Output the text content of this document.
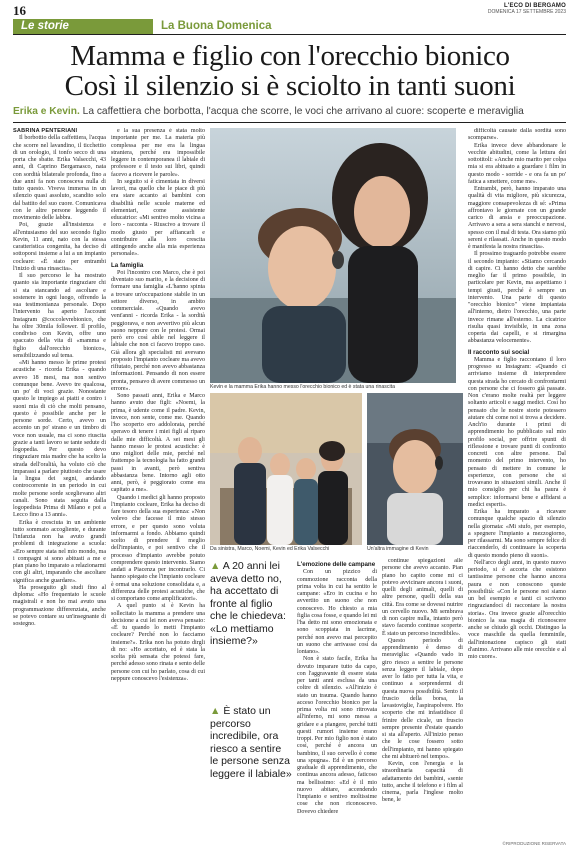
16	L'ECO DI BERGAMO
DOMENICA 17 SETTEMBRE 2023
Le storie	La Buona Domenica
Mamma e figlio con l'orecchio bionico
Così il silenzio si è sciolto in tanti suoni
Erika e Kevin. La caffettiera che borbotta, l'acqua che scorre, le voci che arrivano al cuore: scoperte e meraviglia

SABRINA PENTERIANI

Il borbottio della caffettiera, l'acqua che scorre nel lavandino, il ticchettio di un orologio, il tonfo secco di una porta che sbatte. Erika Valsecchi, 43 anni, di Caprino Bergamasco, nata con sordità bilaterale profonda, fino a due anni fa non conosceva nulla di tutto questo. Viveva immersa in un silenzio quasi assoluto, scandito solo dal battito del suo cuore. Comunicava con le altre persone leggendo il movimento delle labbra.

Poi, grazie all'insistenza e all'entusiasmo del suo secondo figlio Kevin, 11 anni, nato con la stessa caratteristica congenita, ha deciso di sottoporsi insieme a lui a un impianto cocleare: «È stato per entrambi l'inizio di una rinascita».

Il suo percorso le ha mostrato quanto sia importante ringraziare chi si sta stancando ad ascoltare e sostenere in ogni luogo, offrendo la sua testimonianza personale. Dopo l'intervento ha aperto l'account Instagram @coccolevrebionico, che ha oltre 30mila follower. Il profilo, condiviso con Kevin, offre uno spaccato della vita di «mamma e figlio dall'orecchio bionico», sensibilizzando sul tema.

«Mi hanno messo le prime protesi acustiche - ricorda Erika - quando avevo 18 mesi, ma non sentivo comunque bene. Avevo tre qualcosa, un po' di voci grazie. Nonostante questo le impiego ai piatti e contro i suoni mia di ciò che molti pensano, questo è possibile anche per le persone sorde. Certo, avevo un accento un po' strano e un timbro di voce non usuale, ma ci sono riuscita grazie a tanti lavoro se tante sedute di logopedia. Per questo devo ringraziare mia madre che ha scelto la strada dell'oralità, ha voluto ciò che imparassi a parlare piuttosto che usare la lingua dei segni, andando controcorrente in un periodo in cui molte persone sorde sceglievano altri canali. Sono stata seguita dalla logopedista Prima di Milano e poi a Lecco fino a 13 anni».

Erika è cresciuta in un ambiente tutto sommato accogliente, e durante l'infanzia non ha avuto grandi problemi di integrazione a scuola: «Ero sempre stata nel mio mondo, ma i compagni si sono abituati a me e pian piano ho imparato a relazionarmi con gli altri, imparando che ascoltare significa anche guardare».

Ha proseguito gli studi fino al diploma: «Ho frequentato le scuole magistrali e non ho mai avuto una programmazione differenziata, anche se potevo contare su un'insegnante di sostegno.

e la sua presenza è stata molto importante per me. La materia più complessa per me era la lingua straniera, perché era impossibile leggere in contemporanea il labiale di professore e il testo sui libri, quindi facevo a ricevere le parole».

In seguito si è cimentata in diversi lavori, ma quello che le piace di più era stare accanto ai bambini con disabilità nelle scuole materne ed elementari, come assistente educatrice: «Mi sentivo molto vicina a loro - racconta - Riuscivo a trovare il modo giusto per affiancarli e contribuire alla loro crescita attingendo anche alla mia esperienza personale».

La famiglia

Poi l'incontro con Marco, che è poi diventato suo marito, e la decisione di formare una famiglia «L'hanno spinta a trovare un'occupazione stabile in un settore diverso, in ambito commerciale. «Quando avevo vent'anni - ricorda Erika - la sordità peggiorava, e non avvertivo più alcun suono neppure con le protesi. Ormai però ero così abile nel leggere il labiale che non ci facevo troppo caso. Già allora gli specialisti mi avevano proposto l'impianto cocleare ma avevo rifiutato, perché non avevo abbastanza informazioni. Pensando di non essere pronta, pensavo di avere commesso un errore».

Sono passati anni, Erika e Marco hanno avuto due figli: «Noemi, la prima, è udente come il padre. Kevin, invece, non sente, come me. Quando l'ho scoperto ero addolorata, perché speravo di tenere i miei figli al riparo dalle mie difficoltà. A sei mesi gli hanno messo le protesi acustiche: è uno migliori delle mie, perché nel frattempo la tecnologia ha fatto grandi passi in avanti, però sentiva abbastanza bene. Intorno agli otto anni, però, è peggiorato come era capitato a me».

Quando i medici gli hanno proposto l'impianto cocleare, Erika ha deciso di fare tesoro della sua esperienza: «Non volevo che facesse il mio stesso errore, e per questo sono voluta informarmi a fondo. Abbiamo quindi scelto di prendere il meglio dell'impianto, e poi sentivo che il processo d'impianto avrebbe potuto comprendere questo intervento. Siamo andati a Piacenza per incontrarlo. Ci hanno spiegato che l'impianto cocleare è ormai una soluzione consolidata e, a differenza delle protesi acustiche, che si comportano come amplificatori».

A quel punto si è Kevin ha sollecitato la mamma a prendere una decisione a cui lei non aveva pensato: «È tu quando lo metti l'impianto cocleare? Perché non lo facciamo insieme?». Erika non ha potuto dirgli di no: «Ho accettato, ed è stata la scelta più sensata che potessi fare, perché adesso sono rinata e sento delle persone con cui ho parlato, cosa di cui neppure conoscevo l'esistenza».

Kevin e la mamma Erika hanno messo l'orecchio bionico ed è stata una rinascita

difficoltà causate dalla sordità sono scomparse».

Erika invece deve abbandonare le vecchie abitudini, come la lettura dei sottotitoli: «Anche mio marito per colpa mia si era abituato a guardare i film in questo modo - sorride - e ora fa un po' fatica a smettere, come me».

Entrambi, però, hanno imparato una qualità di vita migliore, più sicurezza, maggiore consapevolezza di sé: «Prima affrontavo le giornate con un grande carico di ansia e preoccupazione. Arrivavo a sera a sera stanchi e nervosi, spesso con il mal di testa. Ora siamo più sereni e rilassati. Anche in questo modo è manifesta la nostra rinascita».

Il prossimo traguardo potrebbe essere il secondo impianto: «Stiamo cercando di capire. Ci hanno detto che sarebbe meglio far il primo possibile, in particolare per Kevin, ma aspettiamo i tempi giusti, perché è sempre un intervento. Una parte di questo "orecchio bionico" viene impiantata all'interno, dietro l'orecchio, una parte invece rimane all'esterno. La cicatrice risulta quasi invisibile, in una zona coperta dai capelli, e si rimargina abbastanza velocemente».

Il racconto sui social

Mamma e figlio raccontano il loro progresso su Instagram: «Quando ci arriviamo insieme di interprendere questa strada ho cercato di confrontarmi con persone che ci fossero già passate. Non c'erano molte realtà per leggere soltanto articoli e saggi medici. Così ho pensato che le nostre storie potessero aiutare chi come noi si trova a decidere. Anch'io durante i primi di apprendimento ho pubblicato sul mio profilo social, per offrire spunti di riflessione e trovare punti di confronto concreti con altre persone. Dal momento del primo intervento, ho pensato di mettere in comune le esperienze, con persone che si trovavano in situazioni simili. Anche il mio consiglio per chi ha paura è semplice: informarsi bene e affidarsi a medici esperti».

Erika ha imparato a ricavare comunque qualche spazio di silenzio nella giornata: «Mi stufo, per esempio, a spegnere l'impianto a mezzogiorno, per rilassarmi. Ma sono sempre felice di riaccenderlo, di continuare la scoperta di questo mondo pieno di suoni».

Nell'arco degli anni, in questo nuovo periodo, si è accorta che esistono tantissime persone che hanno ancora paura e non conoscono queste possibilità: «Con le persone noi siamo un bel esempio e tanti ci scrivono ringraziandoci di raccontare la nostra storia». Ora invece grazie all'orecchio bionico la sua magia di riconoscere anche se chiudo gli occhi. Distinguo la voce maschile da quella femminile, dall'intonazione capisco gli stati d'animo. Arrivano alle mie orecchie e al mio cuore».

Da sinistra, Marco, Noemi, Kevin ed Erika Valsecchi	Un'altra immagine di Kevin
▲ A 20 anni lei aveva detto no, ha accettato di fronte al figlio che le chiedeva: «Lo mettiamo insieme?»
▲ È stato un percorso incredibile, ora riesco a sentire le persone senza leggere il labiale»
L'emozione delle campane

Con un pizzico di commozione racconta della prima volta in cui ha sentito le campane: «Ero in cucina e ho avvertito un suono che non conoscevo. Ho chiesto a mia figlia cosa fosse, e quando lei mi l'ha detto mi sono emozionata e sono scoppiata in lacrime, perché non avevo mai percepito un suono che arrivasse così da lontano».

Non è stato facile, Erika ha dovuto imparare tutto da capo, con l'aggravante di essere stata per tanti anni esclusa da una coltre di silenzio. «All'inizio è stato un trauma. Quando hanno acceso l'orecchio bionico per la prima volta mi sono ritrovata all'inferno, mi sono messa a gridare e a piangere, perché tutti questi rumori insieme erano troppi. Per mio figlio non è stato così, perché è ancora un bambino, il suo cervello è come una spugna». Ed è un percorso graduale di apprendimento, che continua ancora adesso, faticoso ma bellissimo: «Ed è il mio nuovo abitare, accendendo l'impianto e sentivo moltissime cose che non riconoscevo. Dovevo chiedere

continue spiegazioni alle persone che avevo accanto. Pian piano ho capito come mi ci potevo avvicinare ancora i suoni, quelli degli animali, quelli di altre persone, quelli della sua città. Era come se dovessi nutrire un cervello nuovo. Mi sembrava di non capire nulla, intanto però stavo facendo continue scoperte. È stato un percorso incredibile».

Questo periodo di apprendimento è denso di meraviglia: «Quando vado in giro riesco a sentire le persone senza leggere il labiale, dopo aver lo fatto per tutta la vita, e continuo a sorprendermi di questa nuova possibilità. Sento il fruscio della borsa, la lavastoviglie, l'aspirapolvere. Ho scoperto che mi infastidisce il frinire delle cicale, un fruscio sempre presente d'estate quando si sta all'aperto. All'inizio penso che le cose fossero sotto dell'impianto, mi hanno spiegato che mi abituerò nel tempo».

Kevin, con l'energia e la straordinaria capacità di adattamento dei bambini, «sente tutto, anche il telefono e i film al cinema, parla l'inglese molto bene, le

©RIPRODUZIONE RISERVATA
